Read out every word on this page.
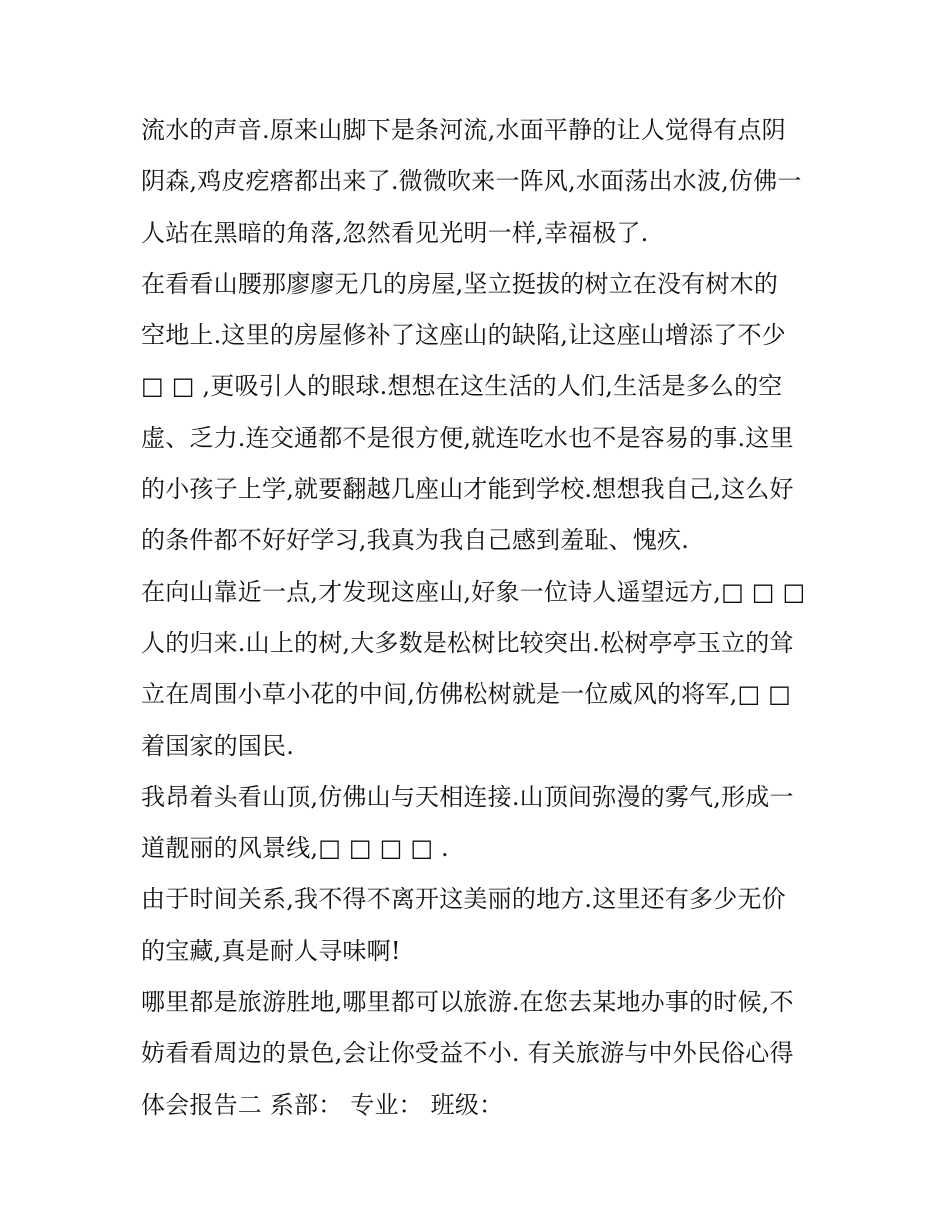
流水的声音.原来山脚下是条河流,水面平静的让人觉得有点阴
阴森,鸡皮疙瘩都出来了.微微吹来一阵风,水面荡出水波,仿佛一
人站在黑暗的角落,忽然看见光明一样,幸福极了.
在看看山腰那廖廖无几的房屋,坚立挺拔的树立在没有树木的
空地上.这里的房屋修补了这座山的缺陷,让这座山增添了不少
□ □ ,更吸引人的眼球.想想在这生活的人们,生活是多么的空
虚、乏力.连交通都不是很方便,就连吃水也不是容易的事.这里
的小孩子上学,就要翻越几座山才能到学校.想想我自己,这么好
的条件都不好好学习,我真为我自己感到羞耻、愧疚.
在向山靠近一点,才发现这座山,好象一位诗人遥望远方,□ □ □
人的归来.山上的树,大多数是松树比较突出.松树亭亭玉立的耸
立在周围小草小花的中间,仿佛松树就是一位威风的将军,□ □
着国家的国民.
我昂着头看山顶,仿佛山与天相连接.山顶间弥漫的雾气,形成一
道靓丽的风景线,□ □ □ □ .
由于时间关系,我不得不离开这美丽的地方.这里还有多少无价
的宝藏,真是耐人寻味啊!
哪里都是旅游胜地,哪里都可以旅游.在您去某地办事的时候,不
妨看看周边的景色,会让你受益不小. 有关旅游与中外民俗心得
体会报告二 系部： 专业： 班级：
